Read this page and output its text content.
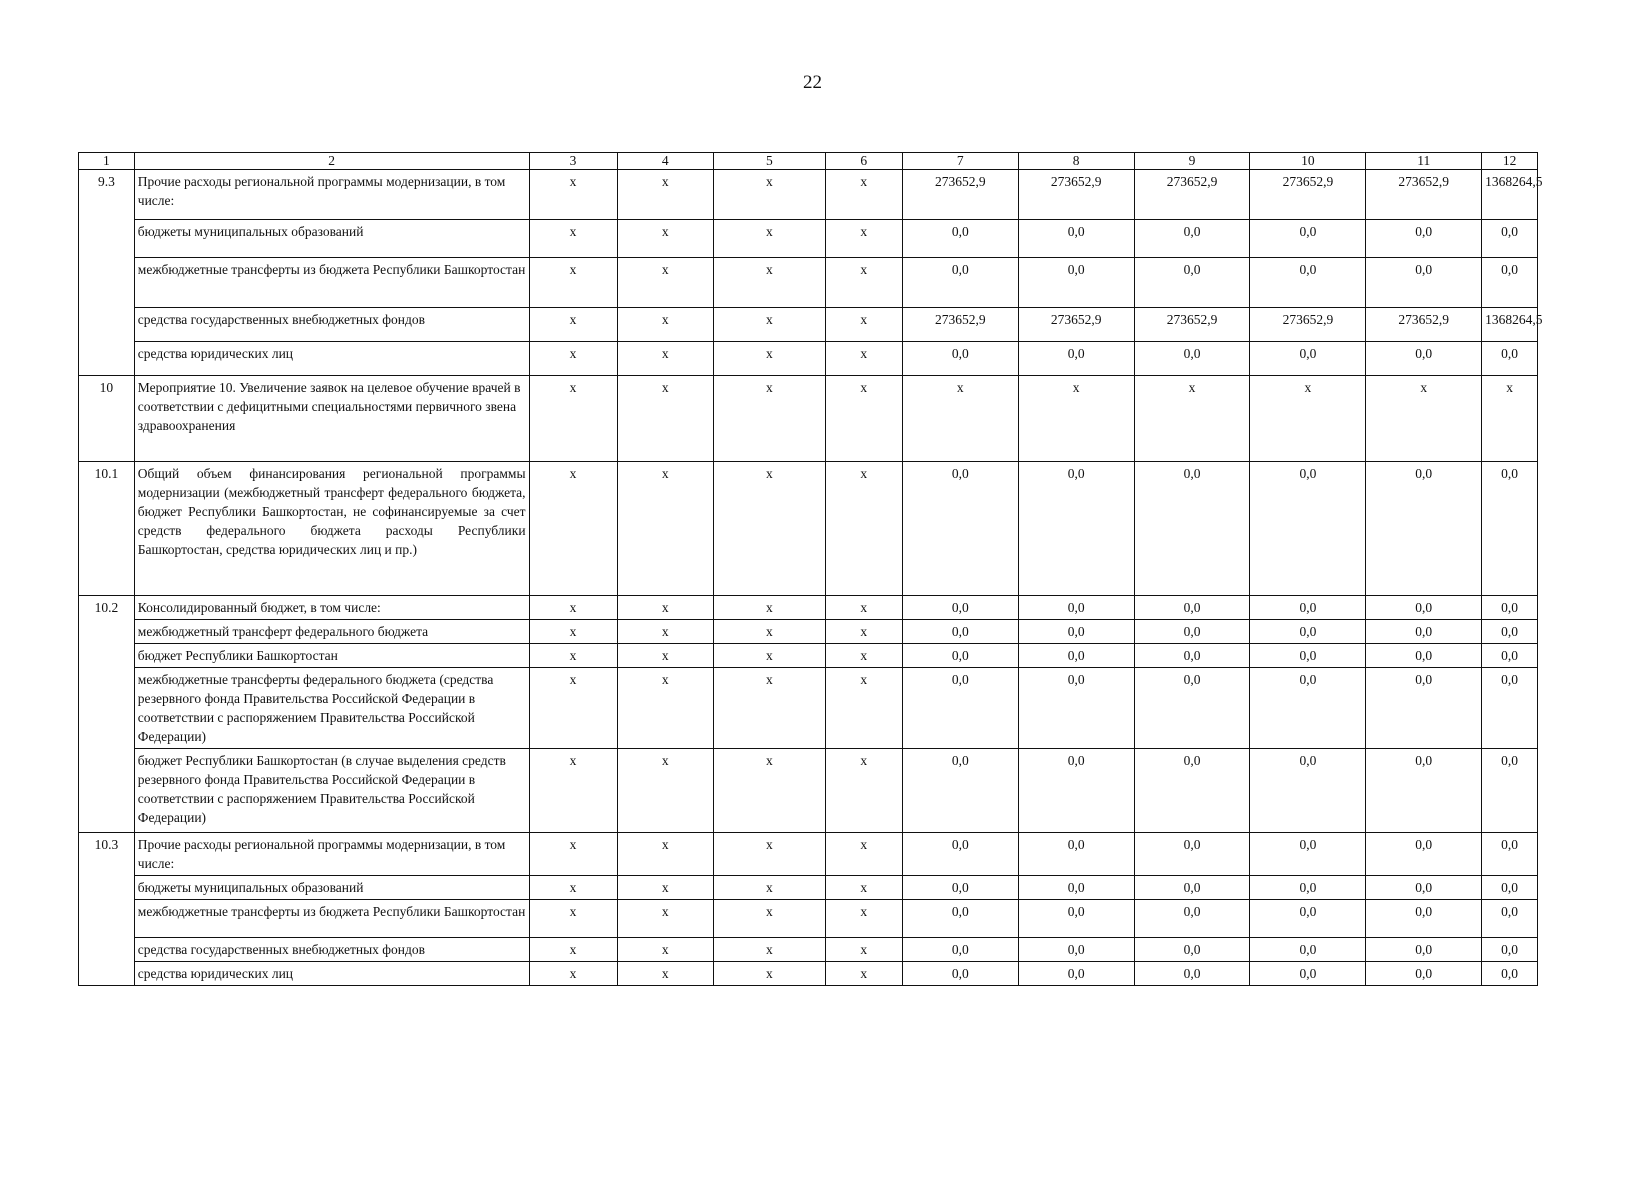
22
1	2	3	4	5	6	7	8	9	10	11	12
9.3	Прочие расходы региональной программы модернизации, в том числе:	x	x	x	x	273652,9	273652,9	273652,9	273652,9	273652,9	1368264,5
	бюджеты муниципальных образований	x	x	x	x	0,0	0,0	0,0	0,0	0,0	0,0
	межбюджетные трансферты из бюджета Республики Башкортостан	x	x	x	x	0,0	0,0	0,0	0,0	0,0	0,0
	средства государственных внебюджетных фондов	x	x	x	x	273652,9	273652,9	273652,9	273652,9	273652,9	1368264,5
	средства юридических лиц	x	x	x	x	0,0	0,0	0,0	0,0	0,0	0,0
10	Мероприятие 10. Увеличение заявок на целевое обучение врачей в соответствии с дефицитными специальностями первичного звена здравоохранения	x	x	x	x	x	x	x	x	x	x
10.1	Общий объем финансирования региональной программы модернизации (межбюджетный трансферт федерального бюджета, бюджет Республики Башкортостан, не софинансируемые за счет средств федерального бюджета расходы Республики Башкортостан, средства юридических лиц и пр.)	x	x	x	x	0,0	0,0	0,0	0,0	0,0	0,0
10.2	Консолидированный бюджет, в том числе:	x	x	x	x	0,0	0,0	0,0	0,0	0,0	0,0
	межбюджетный трансферт федерального бюджета	x	x	x	x	0,0	0,0	0,0	0,0	0,0	0,0
	бюджет Республики Башкортостан	x	x	x	x	0,0	0,0	0,0	0,0	0,0	0,0
	межбюджетные трансферты федерального бюджета (средства резервного фонда Правительства Российской Федерации в соответствии с распоряжением Правительства Российской Федерации)	x	x	x	x	0,0	0,0	0,0	0,0	0,0	0,0
	бюджет Республики Башкортостан (в случае выделения средств резервного фонда Правительства Российской Федерации в соответствии с распоряжением Правительства Российской Федерации)	x	x	x	x	0,0	0,0	0,0	0,0	0,0	0,0
10.3	Прочие расходы региональной программы модернизации, в том числе:	x	x	x	x	0,0	0,0	0,0	0,0	0,0	0,0
	бюджеты муниципальных образований	x	x	x	x	0,0	0,0	0,0	0,0	0,0	0,0
	межбюджетные трансферты из бюджета Республики Башкортостан	x	x	x	x	0,0	0,0	0,0	0,0	0,0	0,0
	средства государственных внебюджетных фондов	x	x	x	x	0,0	0,0	0,0	0,0	0,0	0,0
	средства юридических лиц	x	x	x	x	0,0	0,0	0,0	0,0	0,0	0,0
